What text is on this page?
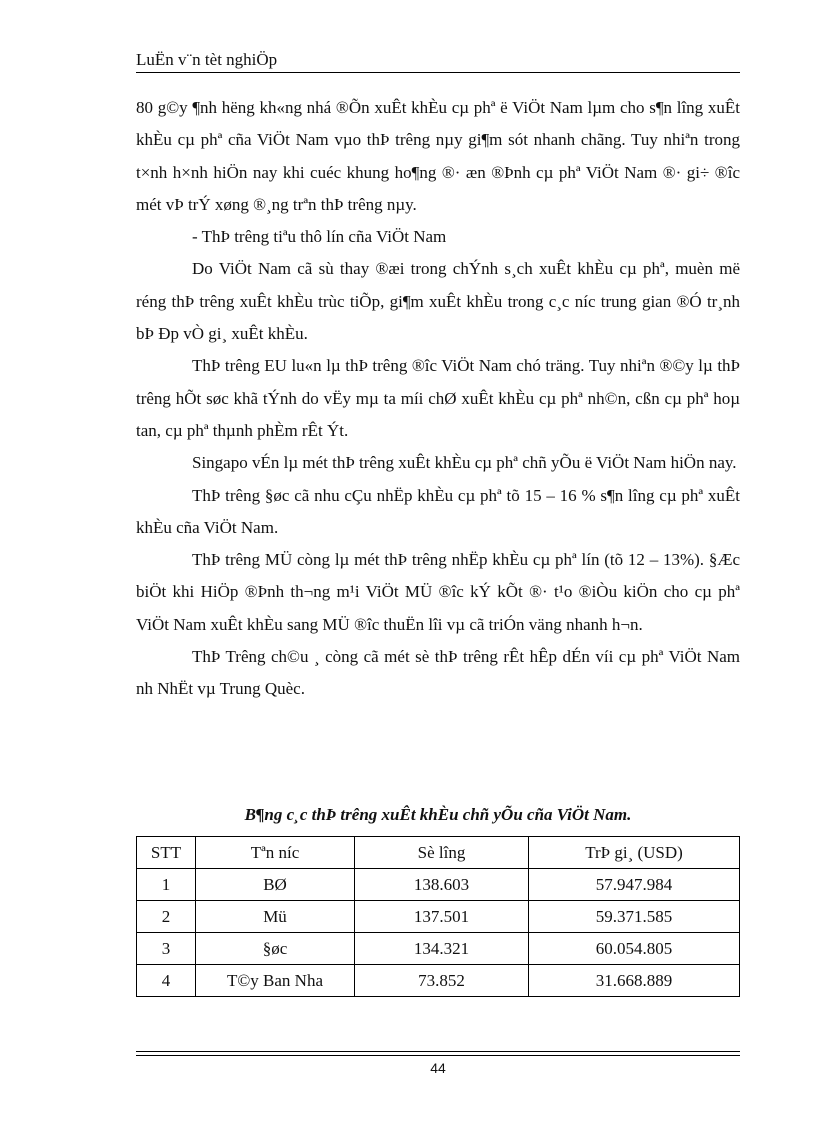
LuËn v¨n tèt nghiÖp

80 g©y ¶nh hëng kh«ng nhá ®Õn xuÊt khÈu cµ phª ë ViÖt Nam lµm cho s¶n lîng xuÊt khÈu cµ phª cña ViÖt Nam vµo thÞ trêng nµy gi¶m sót nhanh chãng. Tuy nhiªn trong t×nh h×nh hiÖn nay khi cuéc khung ho¶ng ®· æn ®Þnh cµ phª ViÖt Nam ®· gi÷ ®îc mét vÞ trÝ xøng ®¸ng trªn thÞ trêng nµy.

- ThÞ trêng tiªu thô lín cña ViÖt Nam

Do ViÖt Nam cã sù thay ®æi trong chÝnh s¸ch xuÊt khÈu cµ phª, muèn më réng thÞ trêng xuÊt khÈu trùc tiÕp, gi¶m xuÊt khÈu trong c¸c níc trung gian ®Ó tr¸nh bÞ Ðp vÒ gi¸ xuÊt khÈu.

ThÞ trêng EU lu«n lµ thÞ trêng ®îc ViÖt Nam chó träng. Tuy nhiªn ®©y lµ thÞ trêng hÕt søc khã tÝnh do vËy mµ ta míi chØ xuÊt khÈu cµ phª nh©n, cßn cµ phª hoµ tan, cµ phª thµnh phÈm rÊt Ýt.

Singapo vÉn lµ mét thÞ trêng xuÊt khÈu cµ phª chñ yÕu ë ViÖt Nam hiÖn nay.

ThÞ trêng §øc cã nhu cÇu nhËp khÈu cµ phª tõ 15 – 16 % s¶n lîng cµ phª xuÊt khÈu cña ViÖt Nam.

ThÞ trêng MÜ còng lµ mét thÞ trêng nhËp khÈu cµ phª lín (tõ 12 – 13%). §Æc biÖt khi HiÖp ®Þnh th¬ng m¹i ViÖt MÜ ®îc kÝ kÕt ®· t¹o ®iÒu kiÖn cho cµ phª ViÖt Nam xuÊt khÈu sang MÜ ®îc thuËn lîi vµ cã triÓn väng nhanh h¬n.

ThÞ Trêng ch©u ¸ còng cã mét sè thÞ trêng rÊt hÊp dÉn víi cµ phª ViÖt Nam nh NhËt vµ Trung Quèc.

B¶ng c¸c thÞ trêng xuÊt khÈu chñ yÕu cña ViÖt Nam.
STT	Tªn níc	Sè lîng	TrÞ gi¸ (USD)
1	BØ	138.603	57.947.984
2	Mü	137.501	59.371.585
3	§øc	134.321	60.054.805
4	T©y Ban Nha	73.852	31.668.889
44
